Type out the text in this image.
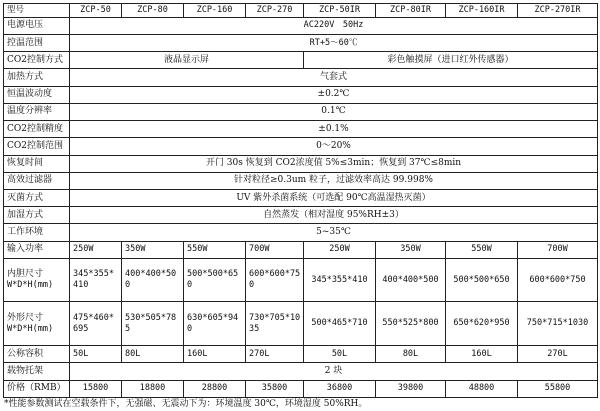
型号	ZCP-50	ZCP-80	ZCP-160	ZCP-270	ZCP-50IR	ZCP-80IR	ZCP-160IR	ZCP-270IR
电源电压	AC220V　50Hz							
控温范围	RT+5～60℃							
CO2控制方式	液晶显示屏				彩色触摸屏（进口红外传感器）			
加热方式	气套式							
恒温波动度	±0.2℃							
温度分辨率	0.1℃							
CO2控制精度	±0.1%							
CO2控制范围	0～20%							
恢复时间	开门 30s 恢复到 CO2浓度值 5%≤3min；恢复到 37℃≤8min							
高效过滤器	针对粒径≥0.3um 粒子，过滤效率高达 99.998%							
灭菌方式	UV 紫外杀菌系统（可选配 90℃高温湿热灭菌）							
加湿方式	自然蒸发（相对湿度 95%RH±3）							
工作环境	5~35℃							
输入功率	250W	350W	550W	700W	250W	350W	550W	700W

内胆尺寸
W*D*H(mm)	345*355*410	400*400*500	500*500*650	600*600*750	345*355*410	400*400*500	500*500*650	600*600*750

外形尺寸
W*D*H(mm)	475*460*695	530*505*785	630*605*940	730*705*1035	500*465*710	550*525*800	650*620*950	750*715*1030
公称容积	50L	80L	160L	270L	50L	80L	160L	270L
载物托架	2 块							
价格（RMB）	15800	18800	28800	35800	36800	39800	48800	55800
*性能参数测试在空载条件下，无强磁、无震动下为：环境温度 30℃，环境湿度 50%RH。
